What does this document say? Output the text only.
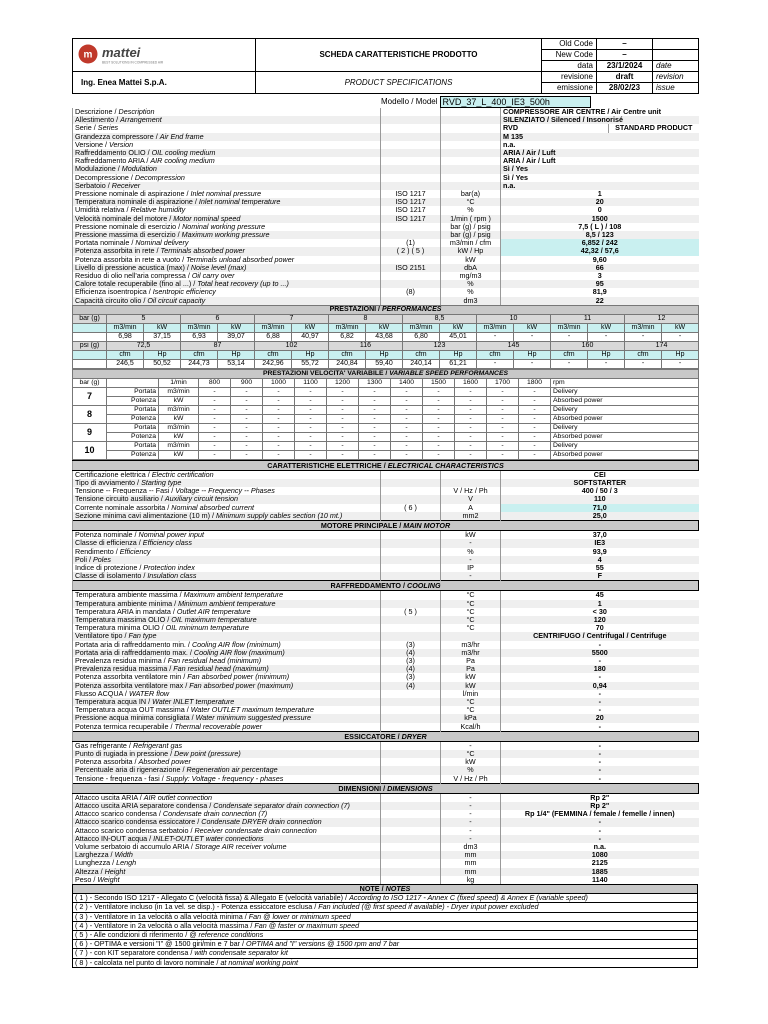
m mattei
BEST SOLUTIONS IN COMPRESSED AIR	SCHEDA CARATTERISTICHE PRODOTTO	Old Code	–	
		New Code	–	
		data	23/1/2024	date
Ing. Enea Mattei S.p.A.	PRODUCT SPECIFICATIONS	revisione	draft	revision
		emissione	28/02/23	issue
Modello / Model	RVD_37_L_400_IE3_500h	
Descrizione / Description			COMPRESSORE AIR CENTRE / Air Centre unit	
Allestimento / Arrangement			SILENZIATO / Silenced / Insonorisé	
Serie / Series			RVD	STANDARD PRODUCT
Grandezza compressore / Air End frame			M 135	
Versione / Version			n.a.	
Raffreddamento OLIO / OIL cooling medium			ARIA / Air / Luft	
Raffreddamento ARIA / AIR cooling medium			ARIA / Air / Luft	
Modulazione / Modulation			Sì / Yes	
Decompressione / Decompression			Sì / Yes	
Serbatoio / Receiver			n.a.	
Pressione nominale di aspirazione / Inlet nominal pressure	ISO 1217	bar(a)	1	
Temperatura nominale di aspirazione / Inlet nominal temperature	ISO 1217	°C	20	
Umidità relativa / Relative humidity	ISO 1217	%	0	
Velocità nominale del motore / Motor nominal speed	ISO 1217	1/min ( rpm )	1500	
Pressione nominale di esercizio / Nominal working pressure		bar (g) / psig	7,5 ( L ) / 108	
Pressione massima di esercizio / Maximum working pressure		bar (g) / psig	8,5 / 123	
Portata nominale / Nominal delivery	(1)	m3/min / cfm	6,852 / 242	
Potenza assorbita in rete / Terminals absorbed power	( 2 ) ( 5 )	kW / Hp	42,32 / 57,6	
Potenza assorbita in rete a vuoto / Terminals unload absorbed power		kW	9,60	
Livello di pressione acustica (max) / Noise level (max)	ISO 2151	dbA	66	
Residuo di olio nell'aria compressa / Oil carry over		mg/m3	3	
Calore totale recuperabile (fino al ...) / Total heat recovery (up to ...)		%	95	
Efficienza isoentropica / Isentropic efficiency	(8)	%	81,9	
Capacità circuito olio / Oil circuit capacity		dm3	22	
PRESTAZIONI / PERFORMANCES																
bar (g)	5		6		7		8		8,5		10		11		12	
	m3/min	kW	m3/min	kW	m3/min	kW	m3/min	kW	m3/min	kW	m3/min	kW	m3/min	kW	m3/min	kW
	6,98	37,15	6,93	39,07	6,88	40,97	6,82	43,68	6,80	45,01	-	-	-	-	-	-
psi (g)	72,5		87		102		116		123		145		160		174	
	cfm	Hp	cfm	Hp	cfm	Hp	cfm	Hp	cfm	Hp	cfm	Hp	cfm	Hp	cfm	Hp
	246,5	50,52	244,73	53,14	242,96	55,72	240,84	59,40	240,14	61,21	-	-	-	-	-	-
PRESTAZIONI VELOCITA' VARIABILE / VARIABLE SPEED PERFORMANCES														
bar (g)		1/min	800	900	1000	1100	1200	1300	1400	1500	1600	1700	1800	rpm
7	Portata	m3/min	-	-	-	-	-	-	-	-	-	-	-	Delivery
	Potenza	kW	-	-	-	-	-	-	-	-	-	-	-	Absorbed power
8	Portata	m3/min	-	-	-	-	-	-	-	-	-	-	-	Delivery
	Potenza	kW	-	-	-	-	-	-	-	-	-	-	-	Absorbed power
9	Portata	m3/min	-	-	-	-	-	-	-	-	-	-	-	Delivery
	Potenza	kW	-	-	-	-	-	-	-	-	-	-	-	Absorbed power
10	Portata	m3/min	-	-	-	-	-	-	-	-	-	-	-	Delivery
	Potenza	kW	-	-	-	-	-	-	-	-	-	-	-	Absorbed power
CARATTERISTICHE ELETTRICHE / ELECTRICAL CHARACTERISTICS			
Certificazione elettrica / Electric certification			CEI
Tipo di avviamento / Starting type			SOFTSTARTER
Tensione -- Frequenza -- Fasi / Voltage -- Frequency -- Phases		V / Hz / Ph	400 / 50 / 3
Tensione circuito ausiliario / Auxiliary circuit tension		V	110
Corrente nominale assorbita / Nominal absorbed current	( 6 )	A	71,0
Sezione minima cavi alimentazione (10 m) / Minimum supply cables section (10 mt.)		mm2	25,0
MOTORE PRINCIPALE / MAIN MOTOR			
Potenza nominale / Nominal power input		kW	37,0
Classe di efficienza / Efficiency class		-	IE3
Rendimento / Efficiency		%	93,9
Poli / Poles		-	4
Indice di protezione / Protection index		IP	55
Classe di isolamento / Insulation class		-	F
RAFFREDDAMENTO / COOLING			
Temperatura ambiente massima / Maximum ambient temperature		°C	45
Temperatura ambiente minima / Minimum ambient temperature		°C	1
Temperatura ARIA in mandata / Outlet AIR temperature	( 5 )	°C	< 30
Temperatura massima OLIO / OIL maximum temperature		°C	120
Temperatura minima OLIO / OIL minimum temperature		°C	70
Ventilatore tipo / Fan type			CENTRIFUGO / Centrifugal / Centrifuge
Portata aria di raffreddamento min. / Cooling AIR flow (minimum)	(3)	m3/hr	-
Portata aria di raffreddamento max. / Cooling AIR flow (maximum)	(4)	m3/hr	5500
Prevalenza residua minima / Fan residual head (minimum)	(3)	Pa	-
Prevalenza residua massima / Fan residual head (maximum)	(4)	Pa	180
Potenza assorbita ventilatore min / Fan absorbed power (minimum)	(3)	kW	-
Potenza assorbita ventilatore max / Fan absorbed power (maximum)	(4)	kW	0,94
Flusso ACQUA / WATER flow		l/min	-
Temperatura acqua IN / Water INLET temperature		°C	-
Temperatura acqua OUT massima / Water OUTLET maximum temperature		°C	-
Pressione acqua minima consigliata / Water minimum suggested pressure		kPa	20
Potenza termica recuperabile / Thermal recoverable power		Kcal/h	-
ESSICCATORE / DRYER			
Gas refrigerante / Refrigerant gas		-	-
Punto di rugiada in pressione / Dew point (pressure)		°C	-
Potenza assorbita / Absorbed power		kW	-
Percentuale aria di rigenerazione / Regeneration air percentage		%	-
Tensione - frequenza - fasi / Supply: Voltage - frequency - phases		V / Hz / Ph	-
DIMENSIONI / DIMENSIONS			
Attacco uscita ARIA / AIR outlet connection		-	Rp 2"
Attacco uscita ARIA separatore condensa / Condensate separator drain connection (7)		-	Rp 2"
Attacco scarico condensa / Condensate drain connection (7)		-	Rp 1/4" (FEMMINA / female / femelle / innen)
Attacco scarico condensa essiccatore / Condensate DRYER drain connection		-	-
Attacco scarico condensa serbatoio / Receiver condensate drain connection		-	-
Attacco IN-OUT acqua / INLET-OUTLET water connections		-	-
Volume serbatoio di accumulo ARIA / Storage AIR receiver volume		dm3	n.a.
Larghezza / Width		mm	1080
Lunghezza / Lengh		mm	2125
Altezza / Height		mm	1885
Peso / Weight		kg	1140
NOTE / NOTES
( 1 ) - Secondo ISO 1217 - Allegato C (velocità fissa) & Allegato E (velocità variabile) / According to ISO 1217 - Annex C (fixed speed) & Annex E (variable speed)
( 2 ) - Ventilatore incluso (in 1a vel. se disp.) - Potenza essiccatore esclusa / Fan included (@ first speed if available) - Dryer input power excluded
( 3 ) - Ventilatore in 1a velocità o alla velocità minima / Fan @ lower or minimum speed
( 4 ) - Ventilatore in 2a velocità o alla velocità massima / Fan @ faster or maximum speed
( 5 ) - Alle condizioni di riferimento / @ reference conditions
( 6 ) - OPTIMA e versioni "I" @ 1500 giri/min e 7 bar / OPTIMA and "I" versions @ 1500 rpm and 7 bar
( 7 ) - con KIT separatore condensa / with condensate separator kit
( 8 ) - calcolata nel punto di lavoro nominale / at nominal working point
